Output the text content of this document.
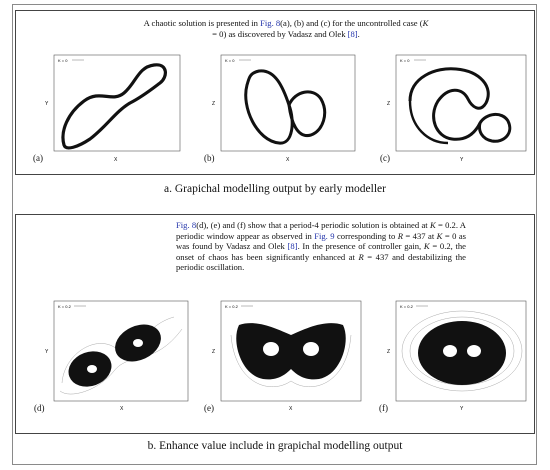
A chaotic solution is presented in Fig. 8(a), (b) and (c) for the uncontrolled case (K = 0) as discovered by Vadasz and Olek [8].
K = 0
X
Y
(a)
K = 0
X
Z
(b)
K = 0
Y
Z
(c)
a. Grapichal modelling output by early modeller
Fig. 8(d), (e) and (f) show that a period-4 periodic solution is obtained at K = 0.2. A periodic window appear as observed in Fig. 9 corresponding to R = 437 at K = 0 as was found by Vadasz and Olek [8]. In the presence of controller gain, K = 0.2, the onset of chaos has been significantly enhanced at R = 437 and destabilizing the periodic oscillation.
K = 0.2
X
Y
(d)
K = 0.2
X
Z
(e)
K = 0.2
Y
Z
(f)
b. Enhance value include in grapichal modelling output
